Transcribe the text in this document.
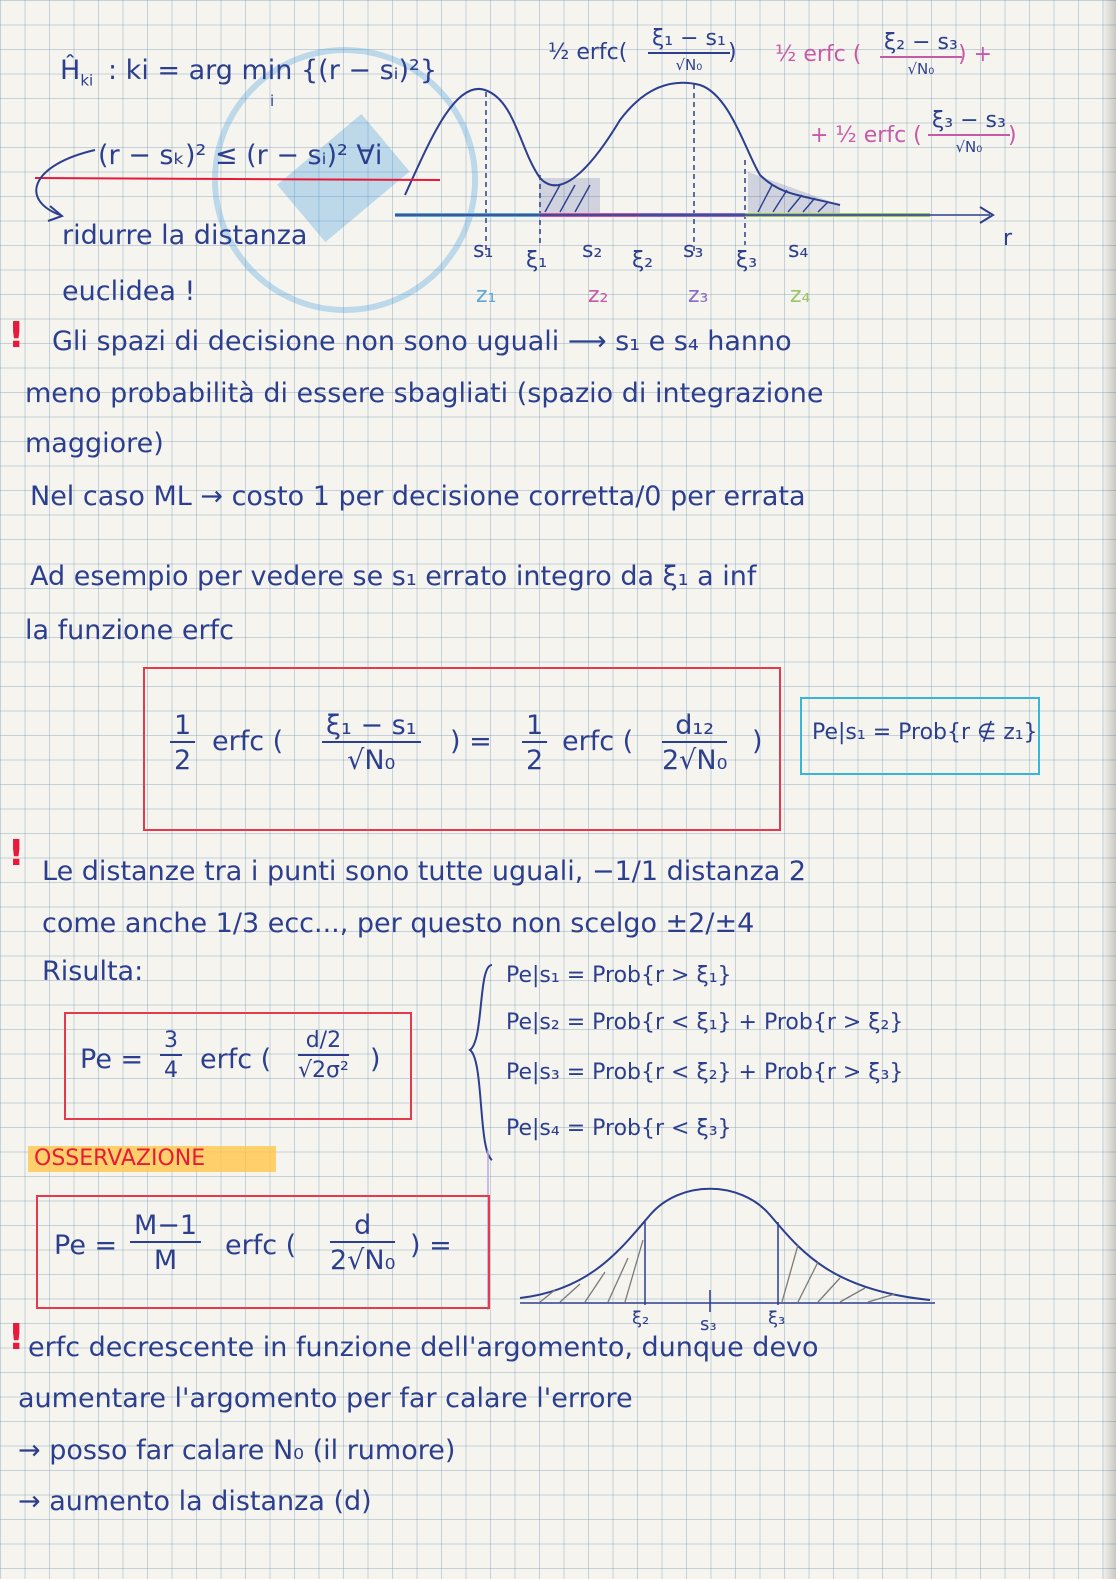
$Ĥ_{ki}$ : ki = arg min {(r − sᵢ)²}
i
(r − sₖ)² ≤ (r − sᵢ)² ∀i
ridurre la distanza
euclidea !
½ erfc(
ξ₁ − s₁
√N₀	) ½ erfc ( ξ₂ − s₃
√N₀
) +
+ ½ erfc (
ξ₃ − s₃
√N₀	)
r
s₁ ξ₁ s₂ ξ₂ s₃ ξ₃ s₄
z₁	z₂	z₃	z₄
! Gli spazi di decisione non sono uguali ⟶ s₁ e s₄ hanno
meno probabilità di essere sbagliati (spazio di integrazione
maggiore)
Nel caso ML → costo 1 per decisione corretta/0 per errata
Ad esempio per vedere se s₁ errato integro da ξ₁ a inf
la funzione erfc
$\frac{1}{2}$ erfc ( $\frac{\text{ξ₁ − s₁}}{\text{√N₀}}$ ) = $\frac{1}{2}$ erfc ( $\frac{\text{d₁₂}}{\text{2√N₀}}$ ) Pe|s₁ = Prob{r ∉ z₁}
! Le distanze tra i punti sono tutte uguali, −1/1 distanza 2
come anche 1/3 ecc..., per questo non scelgo ±2/±4
Risulta:
$Pe = \frac{3}{4}$ erfc ( $\frac{d/2}{\text{√2σ²}}$ )
Pe|s₁ = Prob{r > ξ₁}
Pe|s₂ = Prob{r < ξ₁} + Prob{r > ξ₂}
Pe|s₃ = Prob{r < ξ₂} + Prob{r > ξ₃}
Pe|s₄ = Prob{r < ξ₃}
OSSERVAZIONE
$Pe = \frac{M-1}{M}$ erfc ( $\frac{d}{\text{2√N₀}}$ ) =
ξ₂	s₃	ξ₃
! erfc decrescente in funzione dell'argomento, dunque devo
aumentare l'argomento per far calare l'errore
→ posso far calare N₀ (il rumore)
→ aumento la distanza (d)
